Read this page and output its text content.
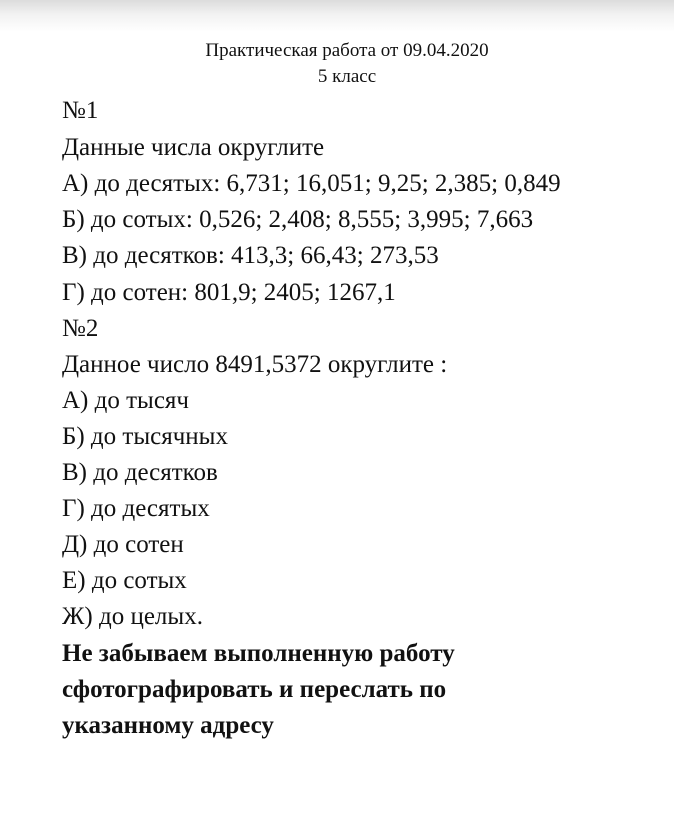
Практическая работа от 09.04.2020
5 класс
№1
Данные числа округлите
А) до десятых: 6,731; 16,051; 9,25; 2,385; 0,849
Б) до сотых: 0,526; 2,408; 8,555; 3,995; 7,663
В) до десятков: 413,3; 66,43; 273,53
Г) до сотен: 801,9; 2405; 1267,1
№2
Данное число 8491,5372 округлите :
А) до тысяч
Б) до тысячных
В) до десятков
Г) до десятых
Д) до сотен
Е) до сотых
Ж) до целых.
Не забываем выполненную работу
сфотографировать и переслать по
указанному адресу
